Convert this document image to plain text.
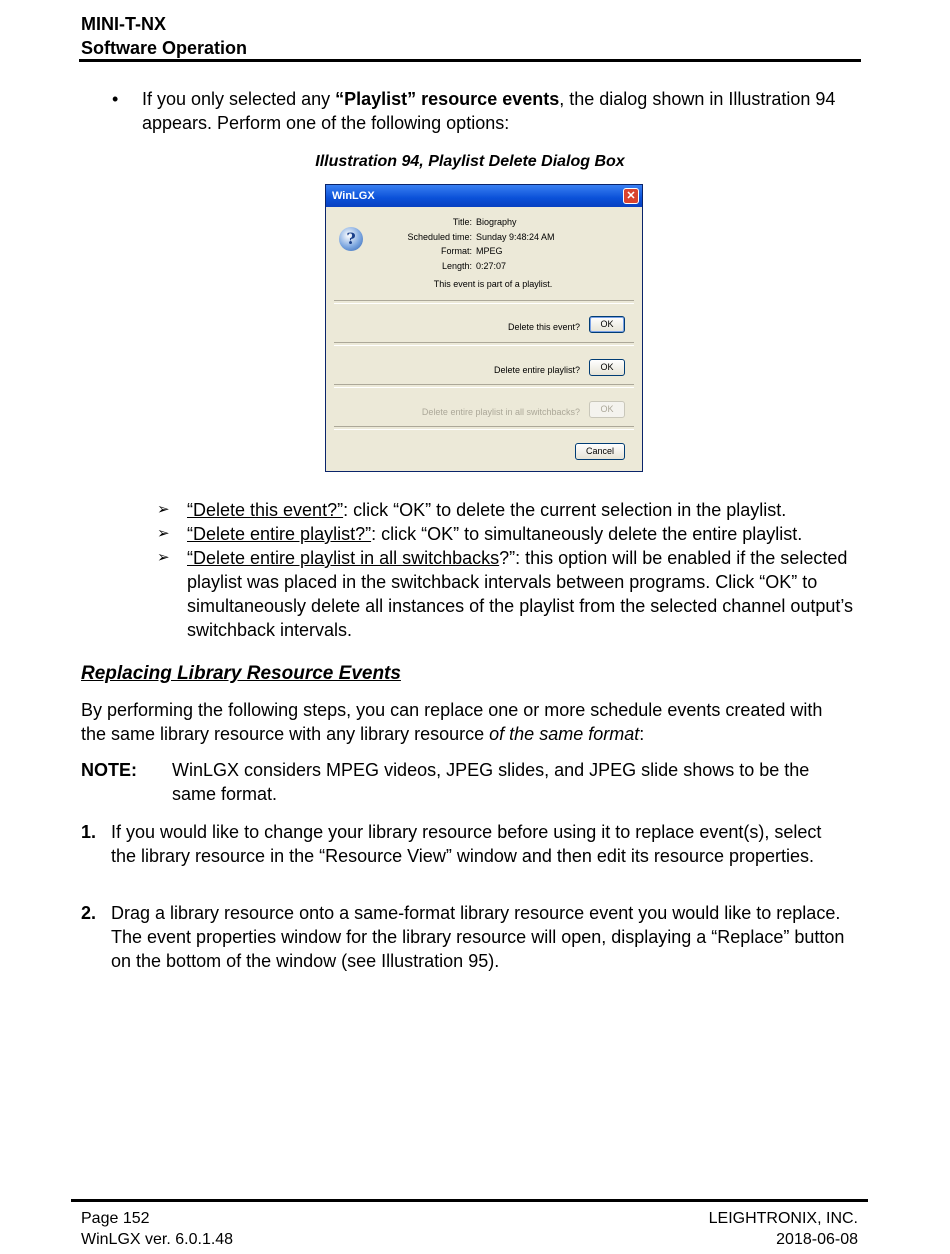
MINI-T-NX
Software Operation
• If you only selected any “Playlist” resource events, the dialog shown in Illustration 94 appears. Perform one of the following options:
Illustration 94, Playlist Delete Dialog Box
WinLGX	✕
?
Title: Biography
Scheduled time: Sunday 9:48:24 AM
Format: MPEG
Length: 0:27:07
This event is part of a playlist.
Delete this event?	OK
Delete entire playlist?	OK
Delete entire playlist in all switchbacks?	OK
Cancel
➢ “Delete this event?”: click “OK” to delete the current selection in the playlist.
➢ “Delete entire playlist?”: click “OK” to simultaneously delete the entire playlist.
➢ “Delete entire playlist in all switchbacks?”: this option will be enabled if the selected playlist was placed in the switchback intervals between programs. Click “OK” to simultaneously delete all instances of the playlist from the selected channel output’s switchback intervals.
Replacing Library Resource Events
By performing the following steps, you can replace one or more schedule events created with the same library resource with any library resource of the same format:
NOTE: WinLGX considers MPEG videos, JPEG slides, and JPEG slide shows to be the same format.
1. If you would like to change your library resource before using it to replace event(s), select the library resource in the “Resource View” window and then edit its resource properties.
2. Drag a library resource onto a same-format library resource event you would like to replace. The event properties window for the library resource will open, displaying a “Replace” button on the bottom of the window (see Illustration 95).
Page 152	LEIGHTRONIX, INC.
WinLGX ver. 6.0.1.48	2018-06-08
